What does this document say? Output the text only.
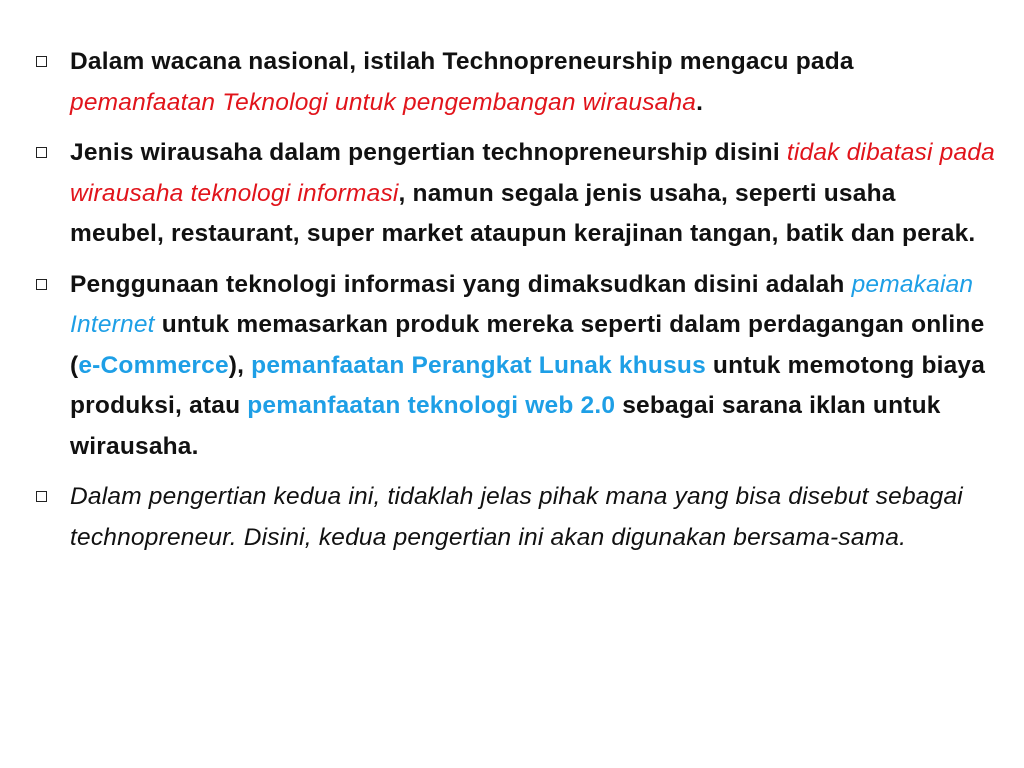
Dalam wacana nasional, istilah Technopreneurship mengacu pada pemanfaatan Teknologi untuk pengembangan wirausaha.
Jenis wirausaha dalam pengertian technopreneurship disini tidak dibatasi pada wirausaha teknologi informasi, namun segala jenis usaha, seperti usaha meubel, restaurant, super market ataupun kerajinan tangan, batik dan perak.
Penggunaan teknologi informasi yang dimaksudkan disini adalah pemakaian Internet untuk memasarkan produk mereka seperti dalam perdagangan online (e-Commerce), pemanfaatan Perangkat Lunak khusus untuk memotong biaya produksi, atau pemanfaatan teknologi web 2.0 sebagai sarana iklan untuk wirausaha.
Dalam pengertian kedua ini, tidaklah jelas pihak mana yang bisa disebut sebagai technopreneur. Disini, kedua pengertian ini akan digunakan bersama-sama.
